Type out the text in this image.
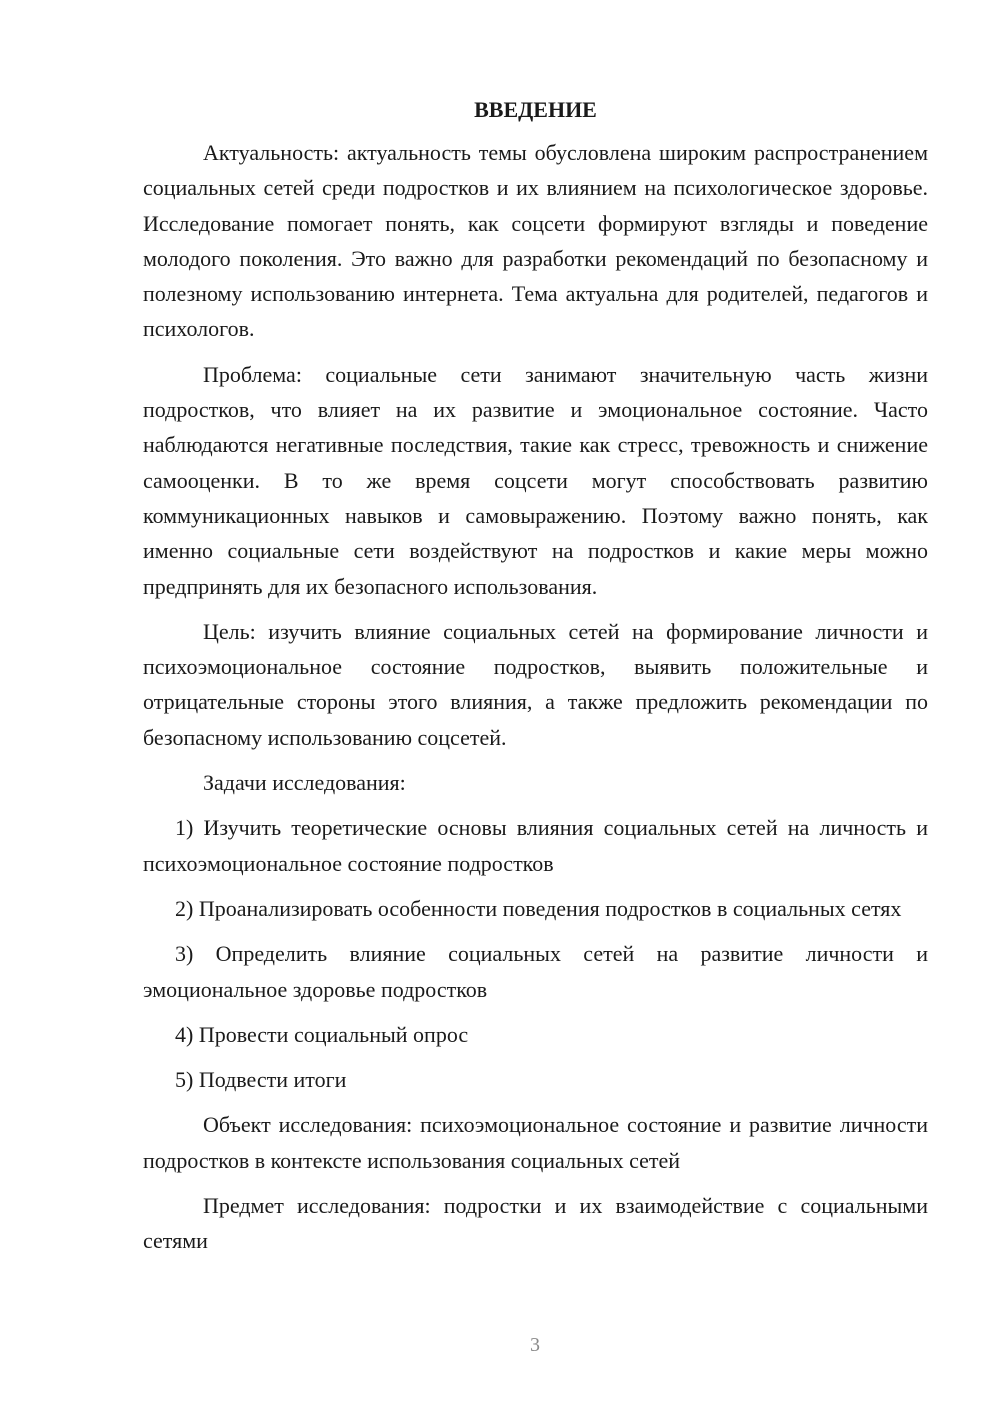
ВВЕДЕНИЕ

Актуальность: актуальность темы обусловлена широким распространением социальных сетей среди подростков и их влиянием на психологическое здоровье. Исследование помогает понять, как соцсети формируют взгляды и поведение молодого поколения. Это важно для разработки рекомендаций по безопасному и полезному использованию интернета. Тема актуальна для родителей, педагогов и психологов.

Проблема: социальные сети занимают значительную часть жизни подростков, что влияет на их развитие и эмоциональное состояние. Часто наблюдаются негативные последствия, такие как стресс, тревожность и снижение самооценки. В то же время соцсети могут способствовать развитию коммуникационных навыков и самовыражению. Поэтому важно понять, как именно социальные сети воздействуют на подростков и какие меры можно предпринять для их безопасного использования.

Цель: изучить влияние социальных сетей на формирование личности и психоэмоциональное состояние подростков, выявить положительные и отрицательные стороны этого влияния, а также предложить рекомендации по безопасному использованию соцсетей.

Задачи исследования:

1) Изучить теоретические основы влияния социальных сетей на личность и психоэмоциональное состояние подростков

2) Проанализировать особенности поведения подростков в социальных сетях

3) Определить влияние социальных сетей на развитие личности и эмоциональное здоровье подростков

4) Провести социальный опрос

5) Подвести итоги

Объект исследования: психоэмоциональное состояние и развитие личности подростков в контексте использования социальных сетей

Предмет исследования: подростки и их взаимодействие с социальными сетями

3
